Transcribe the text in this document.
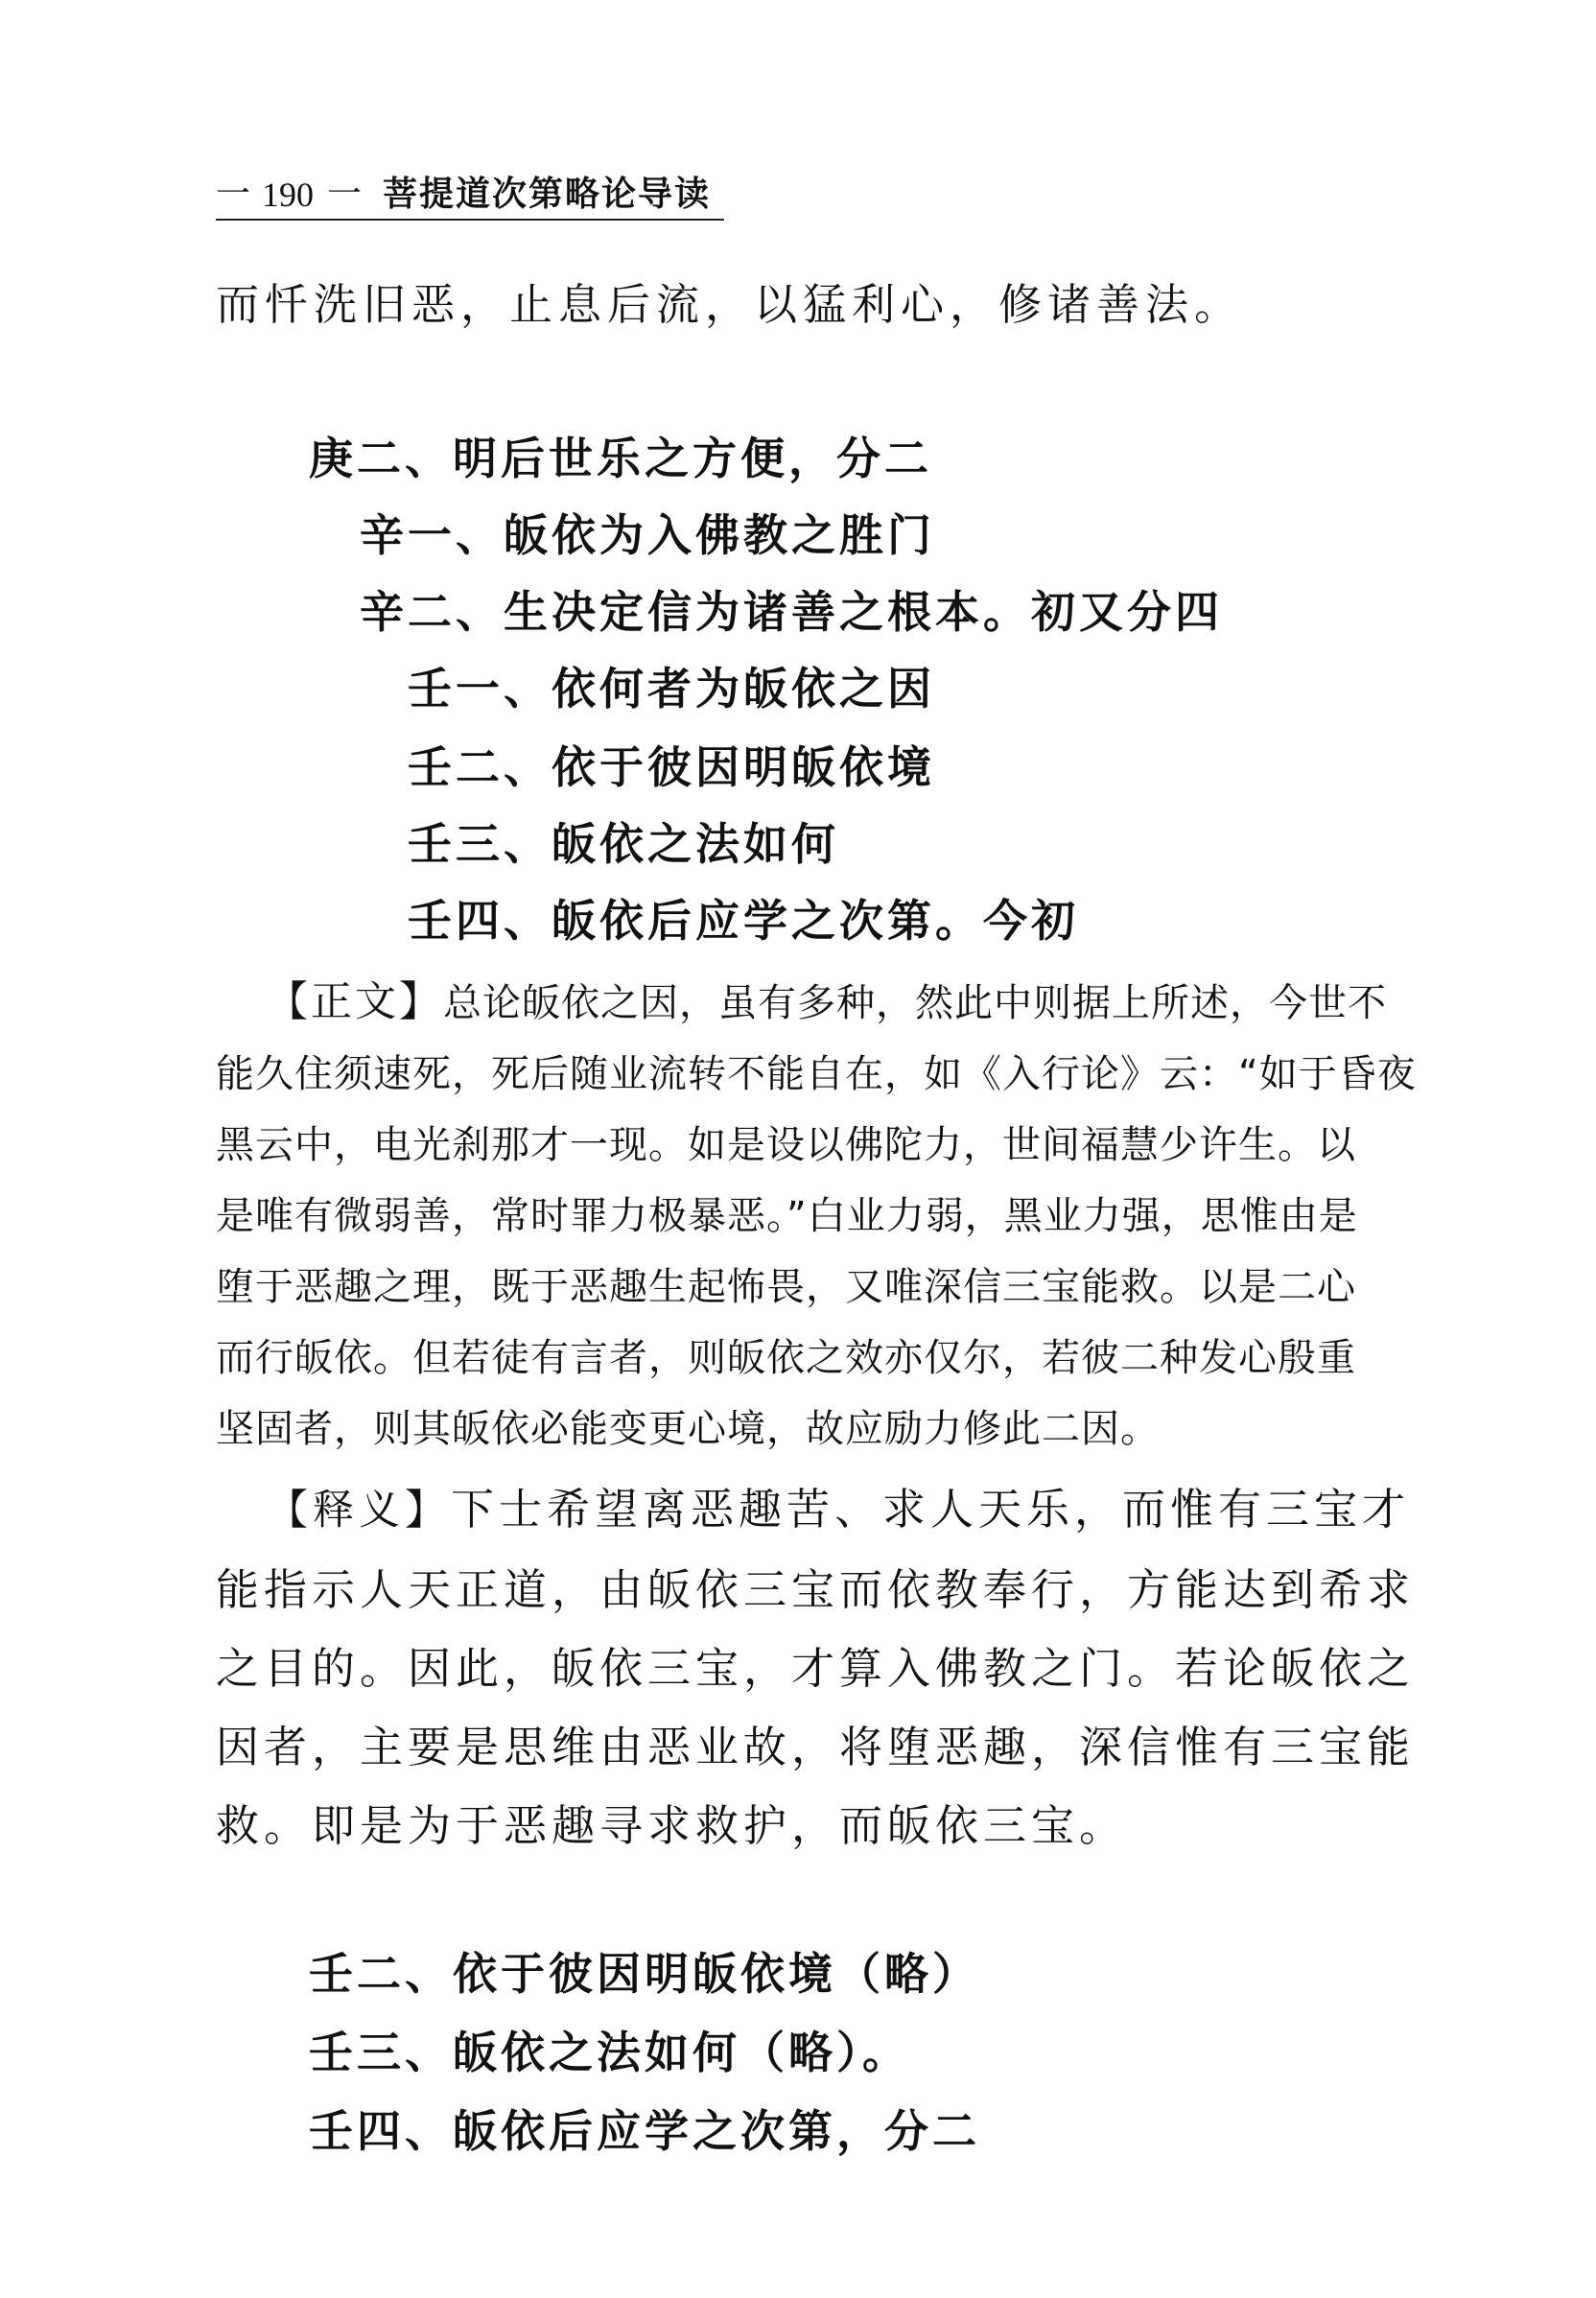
一 190 一 菩提道次第略论导读
而忏洗旧恶，止息后流，以猛利心，修诸善法。
庚二、明后世乐之方便，分二
辛一、皈依为入佛教之胜门
辛二、生决定信为诸善之根本。初又分四
壬一、依何者为皈依之因
壬二、依于彼因明皈依境
壬三、皈依之法如何
壬四、皈依后应学之次第。今初
【正文】总论皈依之因，虽有多种，然此中则据上所述，今世不
能久住须速死，死后随业流转不能自在，如《入行论》云：“如于昏夜
黑云中，电光刹那才一现。如是设以佛陀力，世间福慧少许生。以
是唯有微弱善，常时罪力极暴恶。”白业力弱，黑业力强，思惟由是
堕于恶趣之理，既于恶趣生起怖畏，又唯深信三宝能救。以是二心
而行皈依。但若徒有言者，则皈依之效亦仅尔，若彼二种发心殷重
坚固者，则其皈依必能变更心境，故应励力修此二因。
【释义】下士希望离恶趣苦、求人天乐，而惟有三宝才
能指示人天正道，由皈依三宝而依教奉行，方能达到希求
之目的。因此，皈依三宝，才算入佛教之门。若论皈依之
因者，主要是思维由恶业故，将堕恶趣，深信惟有三宝能
救。即是为于恶趣寻求救护，而皈依三宝。
壬二、依于彼因明皈依境（略）
壬三、皈依之法如何（略）。
壬四、皈依后应学之次第，分二
